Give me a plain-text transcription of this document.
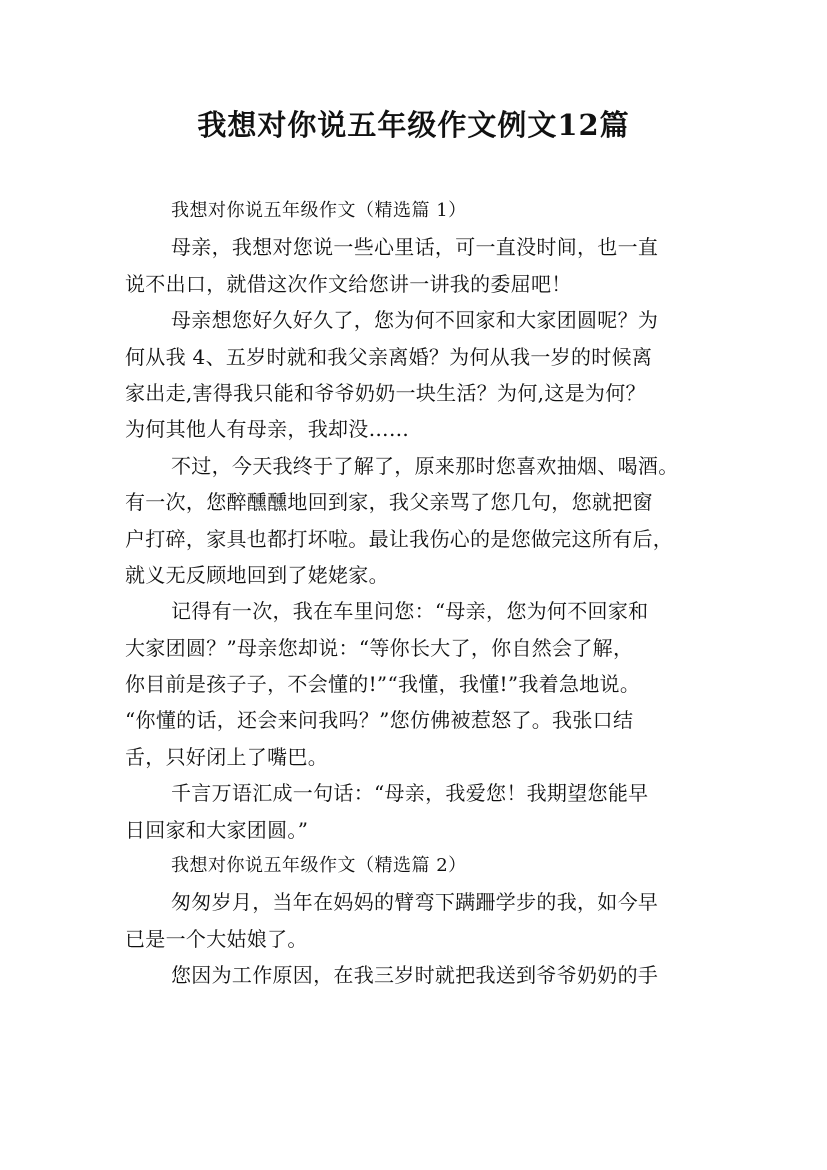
我想对你说五年级作文例文12篇
我想对你说五年级作文（精选篇 1）
母亲，我想对您说一些心里话，可一直没时间，也一直
说不出口，就借这次作文给您讲一讲我的委屈吧！
母亲想您好久好久了，您为何不回家和大家团圆呢？为
何从我 4、五岁时就和我父亲离婚？为何从我一岁的时候离
家出走,害得我只能和爷爷奶奶一块生活？为何,这是为何？
为何其他人有母亲，我却没……
不过，今天我终于了解了，原来那时您喜欢抽烟、喝酒。
有一次，您醉醺醺地回到家，我父亲骂了您几句，您就把窗
户打碎，家具也都打坏啦。最让我伤心的是您做完这所有后，
就义无反顾地回到了姥姥家。
记得有一次，我在车里问您：“母亲，您为何不回家和
大家团圆？”母亲您却说：“等你长大了，你自然会了解，
你目前是孩子子，不会懂的!”“我懂，我懂!”我着急地说。
“你懂的话，还会来问我吗？”您仿佛被惹怒了。我张口结
舌，只好闭上了嘴巴。
千言万语汇成一句话：“母亲，我爱您！我期望您能早
日回家和大家团圆。”
我想对你说五年级作文（精选篇 2）
匆匆岁月，当年在妈妈的臂弯下蹒跚学步的我，如今早
已是一个大姑娘了。
您因为工作原因，在我三岁时就把我送到爷爷奶奶的手
